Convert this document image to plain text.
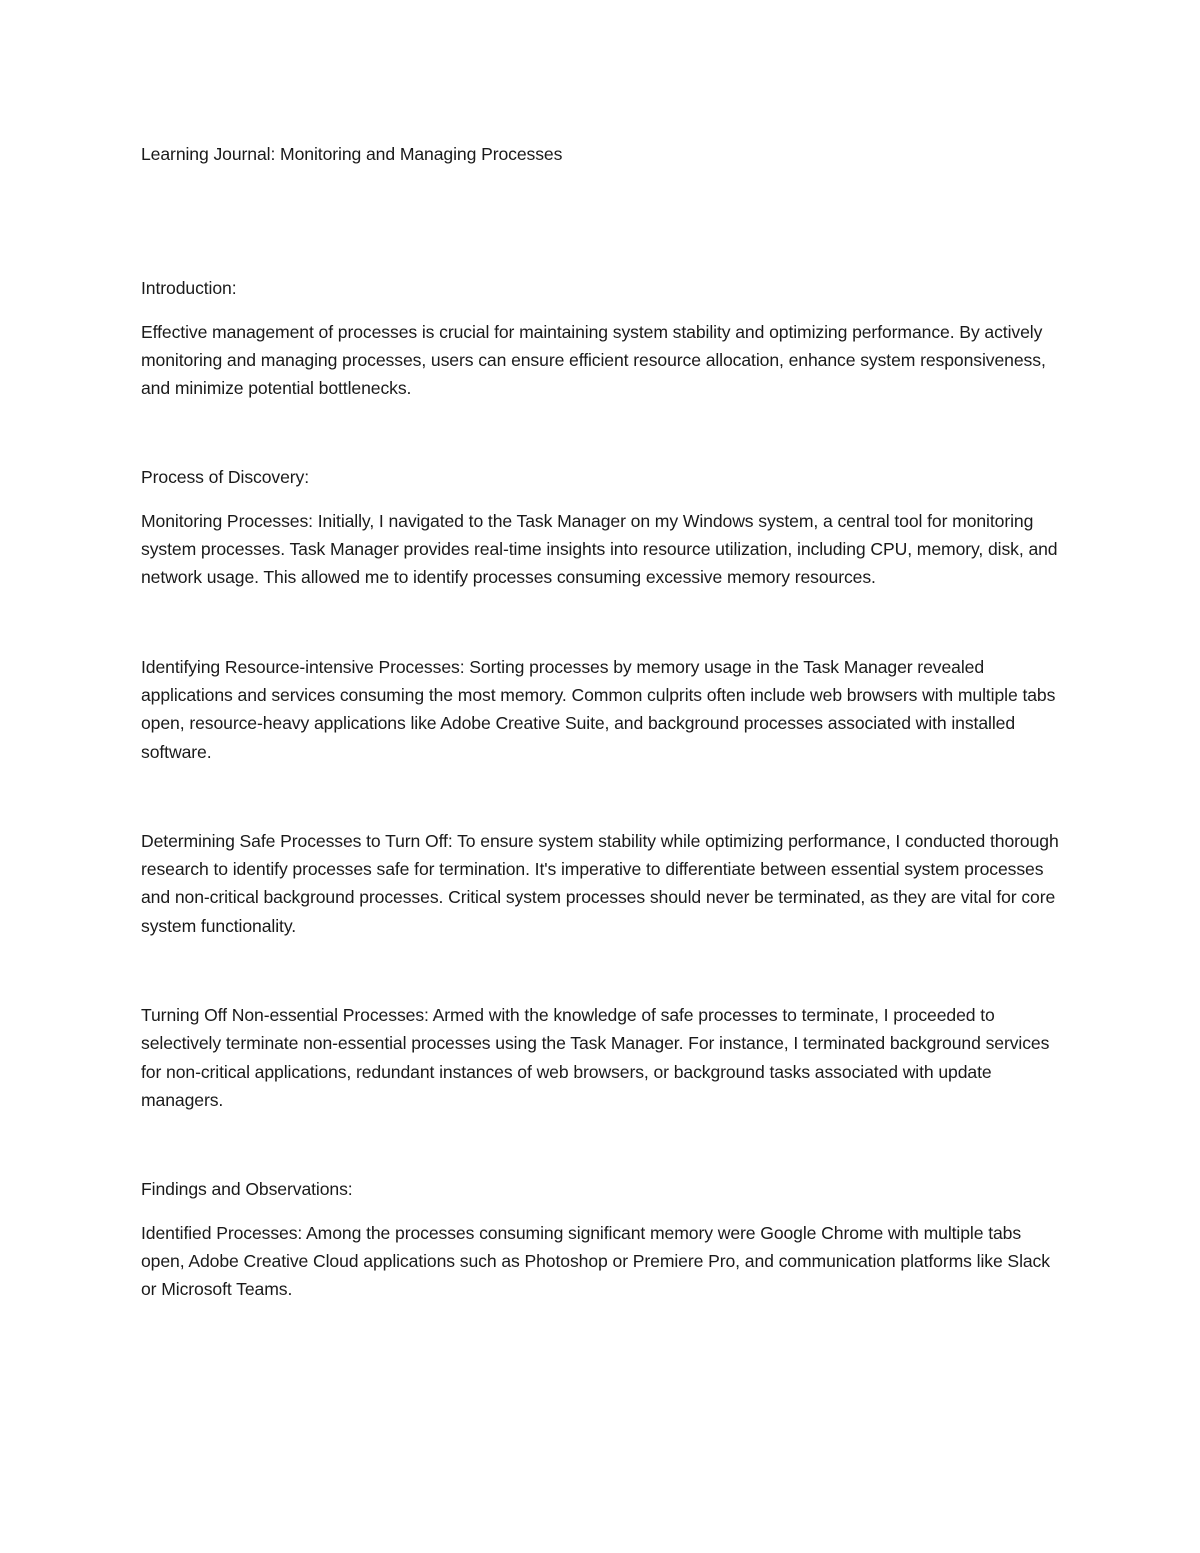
Learning Journal: Monitoring and Managing Processes

Introduction:

Effective management of processes is crucial for maintaining system stability and optimizing performance. By actively monitoring and managing processes, users can ensure efficient resource allocation, enhance system responsiveness, and minimize potential bottlenecks.

Process of Discovery:

Monitoring Processes: Initially, I navigated to the Task Manager on my Windows system, a central tool for monitoring system processes. Task Manager provides real-time insights into resource utilization, including CPU, memory, disk, and network usage. This allowed me to identify processes consuming excessive memory resources.

Identifying Resource-intensive Processes: Sorting processes by memory usage in the Task Manager revealed applications and services consuming the most memory. Common culprits often include web browsers with multiple tabs open, resource-heavy applications like Adobe Creative Suite, and background processes associated with installed software.

Determining Safe Processes to Turn Off: To ensure system stability while optimizing performance, I conducted thorough research to identify processes safe for termination. It's imperative to differentiate between essential system processes and non-critical background processes. Critical system processes should never be terminated, as they are vital for core system functionality.

Turning Off Non-essential Processes: Armed with the knowledge of safe processes to terminate, I proceeded to selectively terminate non-essential processes using the Task Manager. For instance, I terminated background services for non-critical applications, redundant instances of web browsers, or background tasks associated with update managers.

Findings and Observations:

Identified Processes: Among the processes consuming significant memory were Google Chrome with multiple tabs open, Adobe Creative Cloud applications such as Photoshop or Premiere Pro, and communication platforms like Slack or Microsoft Teams.
